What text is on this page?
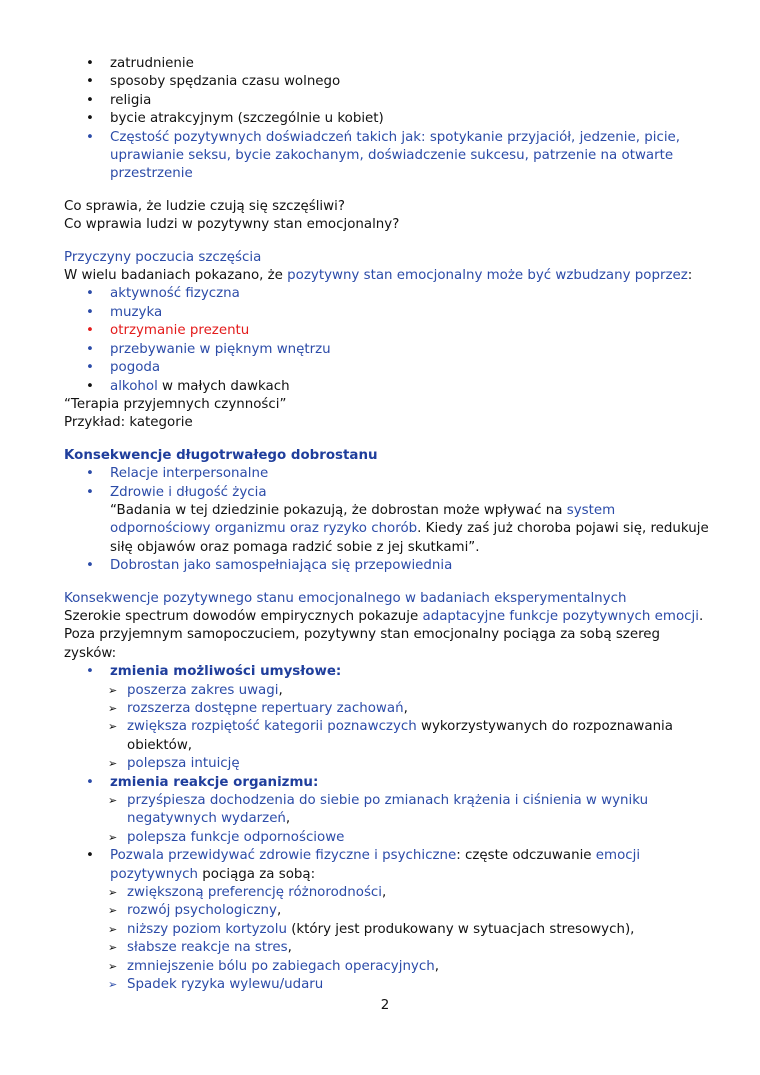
• zatrudnienie
• sposoby spędzania czasu wolnego
• religia
• bycie atrakcyjnym (szczególnie u kobiet)
• Częstość pozytywnych doświadczeń takich jak: spotykanie przyjaciół, jedzenie, picie, uprawianie seksu, bycie zakochanym, doświadczenie sukcesu, patrzenie na otwarte przestrzenie
Co sprawia, że ludzie czują się szczęśliwi?
Co wprawia ludzi w pozytywny stan emocjonalny?
Przyczyny poczucia szczęścia
W wielu badaniach pokazano, że pozytywny stan emocjonalny może być wzbudzany poprzez:
• aktywność fizyczna
• muzyka
• otrzymanie prezentu
• przebywanie w pięknym wnętrzu
• pogoda
• alkohol w małych dawkach
“Terapia przyjemnych czynności”
Przykład: kategorie
Konsekwencje długotrwałego dobrostanu
• Relacje interpersonalne
• Zdrowie i długość życia
“Badania w tej dziedzinie pokazują, że dobrostan może wpływać na system odpornościowy organizmu oraz ryzyko chorób. Kiedy zaś już choroba pojawi się, redukuje siłę objawów oraz pomaga radzić sobie z jej skutkami”.
• Dobrostan jako samospełniająca się przepowiednia
Konsekwencje pozytywnego stanu emocjonalnego w badaniach eksperymentalnych
Szerokie spectrum dowodów empirycznych pokazuje adaptacyjne funkcje pozytywnych emocji. Poza przyjemnym samopoczuciem, pozytywny stan emocjonalny pociąga za sobą szereg zysków:
• zmienia możliwości umysłowe:
➢ poszerza zakres uwagi,
➢ rozszerza dostępne repertuary zachowań,
➢ zwiększa rozpiętość kategorii poznawczych wykorzystywanych do rozpoznawania obiektów,
➢ polepsza intuicję
• zmienia reakcje organizmu:
➢ przyśpiesza dochodzenia do siebie po zmianach krążenia i ciśnienia w wyniku negatywnych wydarzeń,
➢ polepsza funkcje odpornościowe
• Pozwala przewidywać zdrowie fizyczne i psychiczne: częste odczuwanie emocji pozytywnych pociąga za sobą:
➢ zwiększoną preferencję różnorodności,
➢ rozwój psychologiczny,
➢ niższy poziom kortyzolu (który jest produkowany w sytuacjach stresowych),
➢ słabsze reakcje na stres,
➢ zmniejszenie bólu po zabiegach operacyjnych,
➢ Spadek ryzyka wylewu/udaru
2
